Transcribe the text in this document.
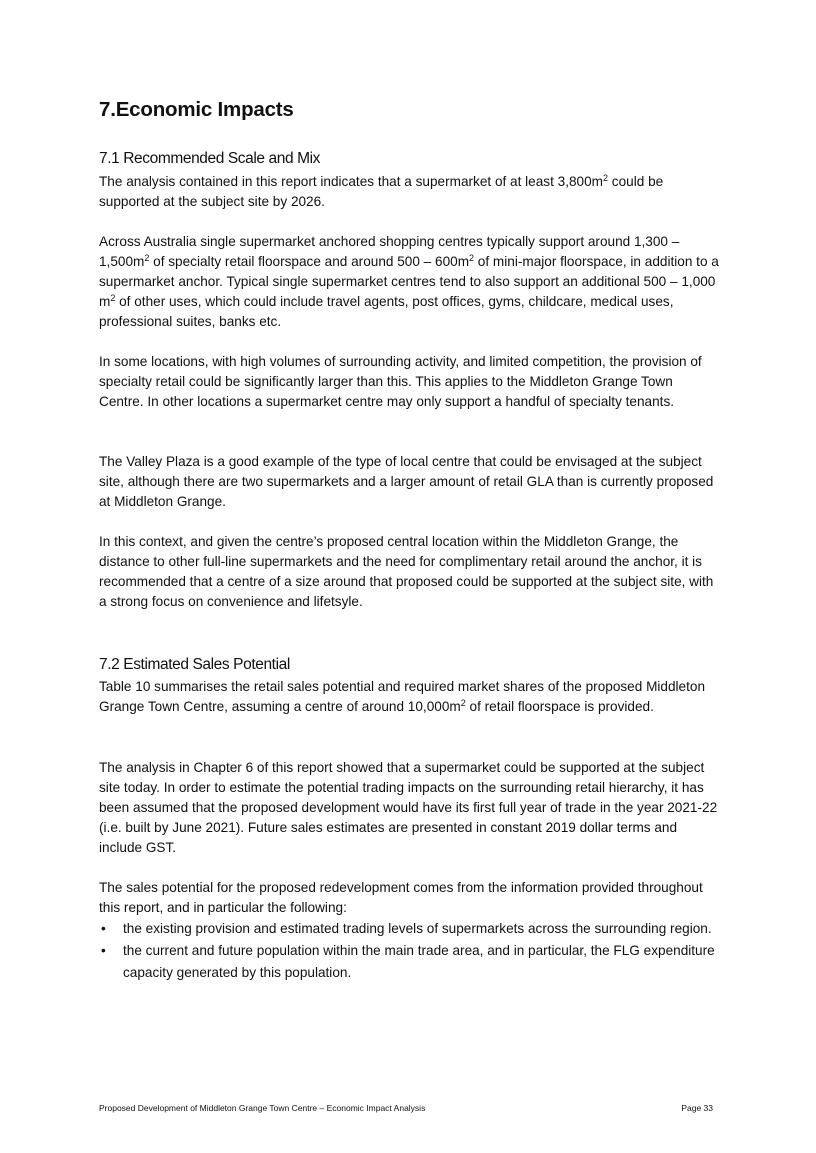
7.Economic Impacts
7.1 Recommended Scale and Mix

The analysis contained in this report indicates that a supermarket of at least $3,800m^2$ could be supported at the subject site by 2026.

Across Australia single supermarket anchored shopping centres typically support around $1,300 - 1,500m^2$ of specialty retail floorspace and around $500 - 600m^2$ of mini-major floorspace, in addition to a supermarket anchor. Typical single supermarket centres tend to also support an additional 500 – 1,000 $m^2$ of other uses, which could include travel agents, post offices, gyms, childcare, medical uses, professional suites, banks etc.

In some locations, with high volumes of surrounding activity, and limited competition, the provision of specialty retail could be significantly larger than this. This applies to the Middleton Grange Town Centre. In other locations a supermarket centre may only support a handful of specialty tenants.

The Valley Plaza is a good example of the type of local centre that could be envisaged at the subject site, although there are two supermarkets and a larger amount of retail GLA than is currently proposed at Middleton Grange.

In this context, and given the centre’s proposed central location within the Middleton Grange, the distance to other full-line supermarkets and the need for complimentary retail around the anchor, it is recommended that a centre of a size around that proposed could be supported at the subject site, with a strong focus on convenience and lifetsyle.

7.2 Estimated Sales Potential

Table 10 summarises the retail sales potential and required market shares of the proposed Middleton Grange Town Centre, assuming a centre of around $10,000m^2$ of retail floorspace is provided.

The analysis in Chapter 6 of this report showed that a supermarket could be supported at the subject site today. In order to estimate the potential trading impacts on the surrounding retail hierarchy, it has been assumed that the proposed development would have its first full year of trade in the year 2021-22 (i.e. built by June 2021). Future sales estimates are presented in constant 2019 dollar terms and include GST.

The sales potential for the proposed redevelopment comes from the information provided throughout this report, and in particular the following:

• the existing provision and estimated trading levels of supermarkets across the surrounding region.
• the current and future population within the main trade area, and in particular, the FLG expenditure capacity generated by this population.
Proposed Development of Middleton Grange Town Centre – Economic Impact Analysis	Page 33
